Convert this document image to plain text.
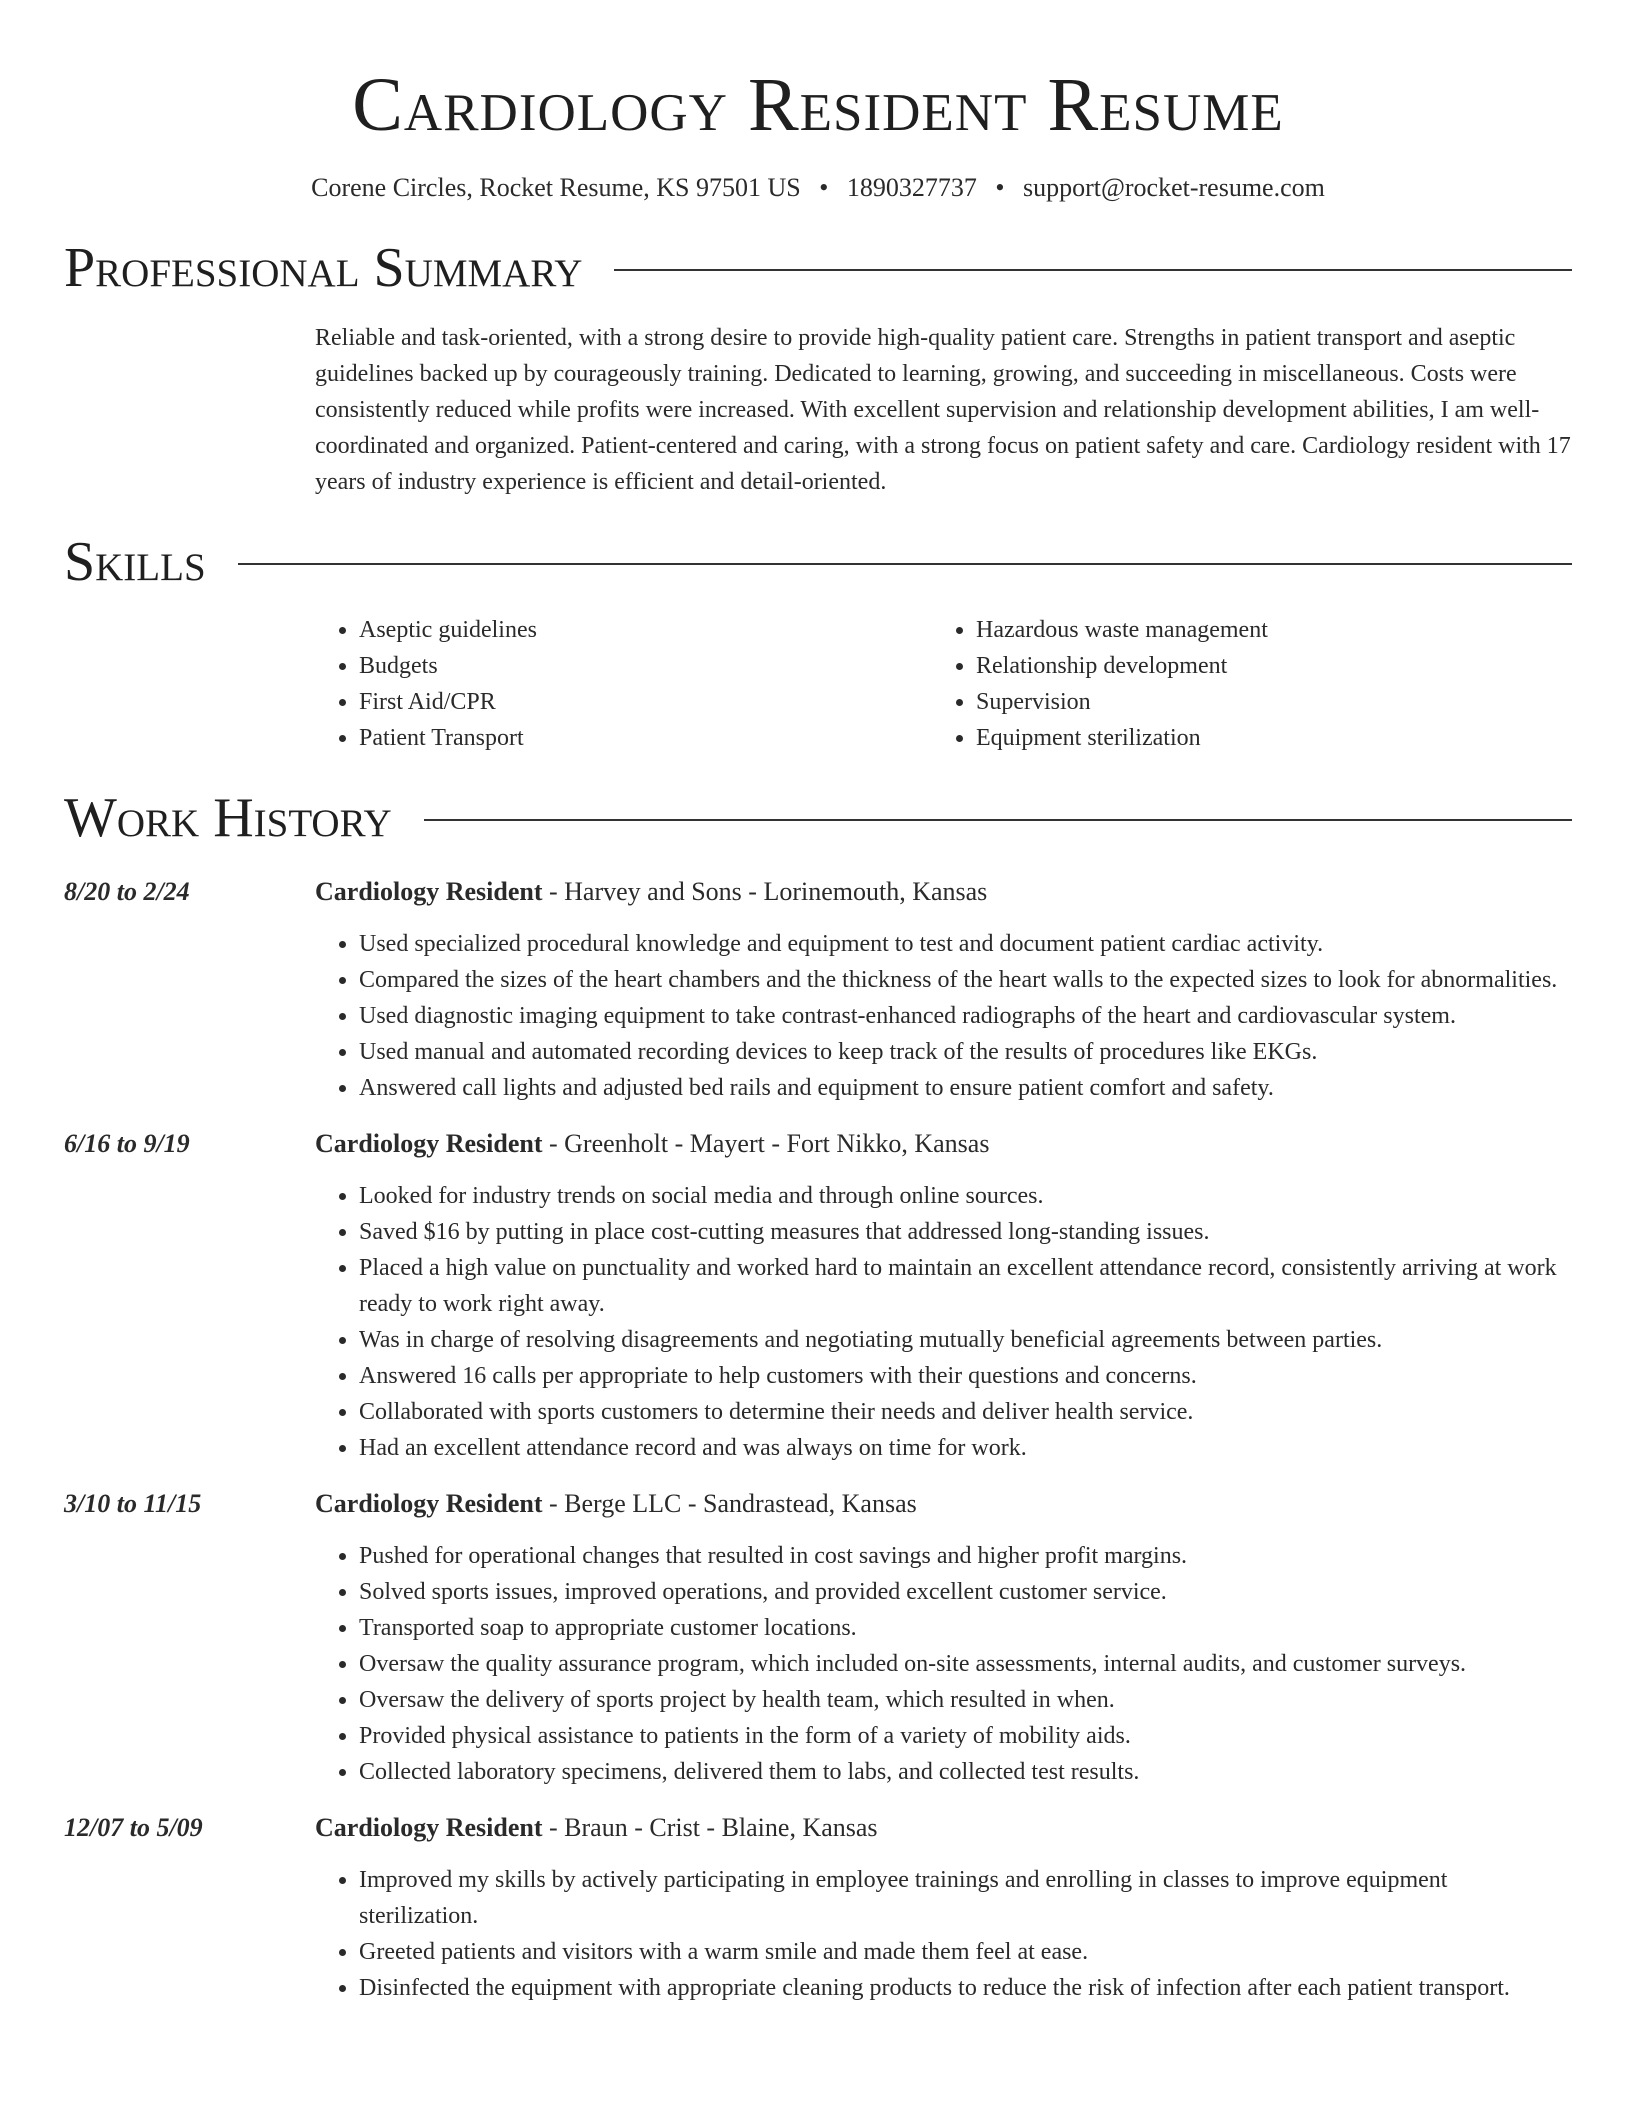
Cardiology Resident Resume
Corene Circles, Rocket Resume, KS 97501 US • 1890327737 • support@rocket-resume.com
Professional Summary
Reliable and task-oriented, with a strong desire to provide high-quality patient care. Strengths in patient transport and aseptic guidelines backed up by courageously training. Dedicated to learning, growing, and succeeding in miscellaneous. Costs were consistently reduced while profits were increased. With excellent supervision and relationship development abilities, I am well-coordinated and organized. Patient-centered and caring, with a strong focus on patient safety and care. Cardiology resident with 17 years of industry experience is efficient and detail-oriented.
Skills
• Aseptic guidelines
• Budgets
• First Aid/CPR
• Patient Transport
• Hazardous waste management
• Relationship development
• Supervision
• Equipment sterilization
Work History
8/20 to 2/24	Cardiology Resident - Harvey and Sons - Lorinemouth, Kansas
• Used specialized procedural knowledge and equipment to test and document patient cardiac activity.
• Compared the sizes of the heart chambers and the thickness of the heart walls to the expected sizes to look for abnormalities.
• Used diagnostic imaging equipment to take contrast-enhanced radiographs of the heart and cardiovascular system.
• Used manual and automated recording devices to keep track of the results of procedures like EKGs.
• Answered call lights and adjusted bed rails and equipment to ensure patient comfort and safety.
6/16 to 9/19	Cardiology Resident - Greenholt - Mayert - Fort Nikko, Kansas
• Looked for industry trends on social media and through online sources.
• Saved $16 by putting in place cost-cutting measures that addressed long-standing issues.
• Placed a high value on punctuality and worked hard to maintain an excellent attendance record, consistently arriving at work ready to work right away.
• Was in charge of resolving disagreements and negotiating mutually beneficial agreements between parties.
• Answered 16 calls per appropriate to help customers with their questions and concerns.
• Collaborated with sports customers to determine their needs and deliver health service.
• Had an excellent attendance record and was always on time for work.
3/10 to 11/15	Cardiology Resident - Berge LLC - Sandrastead, Kansas
• Pushed for operational changes that resulted in cost savings and higher profit margins.
• Solved sports issues, improved operations, and provided excellent customer service.
• Transported soap to appropriate customer locations.
• Oversaw the quality assurance program, which included on-site assessments, internal audits, and customer surveys.
• Oversaw the delivery of sports project by health team, which resulted in when.
• Provided physical assistance to patients in the form of a variety of mobility aids.
• Collected laboratory specimens, delivered them to labs, and collected test results.
12/07 to 5/09	Cardiology Resident - Braun - Crist - Blaine, Kansas
• Improved my skills by actively participating in employee trainings and enrolling in classes to improve equipment sterilization.
• Greeted patients and visitors with a warm smile and made them feel at ease.
• Disinfected the equipment with appropriate cleaning products to reduce the risk of infection after each patient transport.
